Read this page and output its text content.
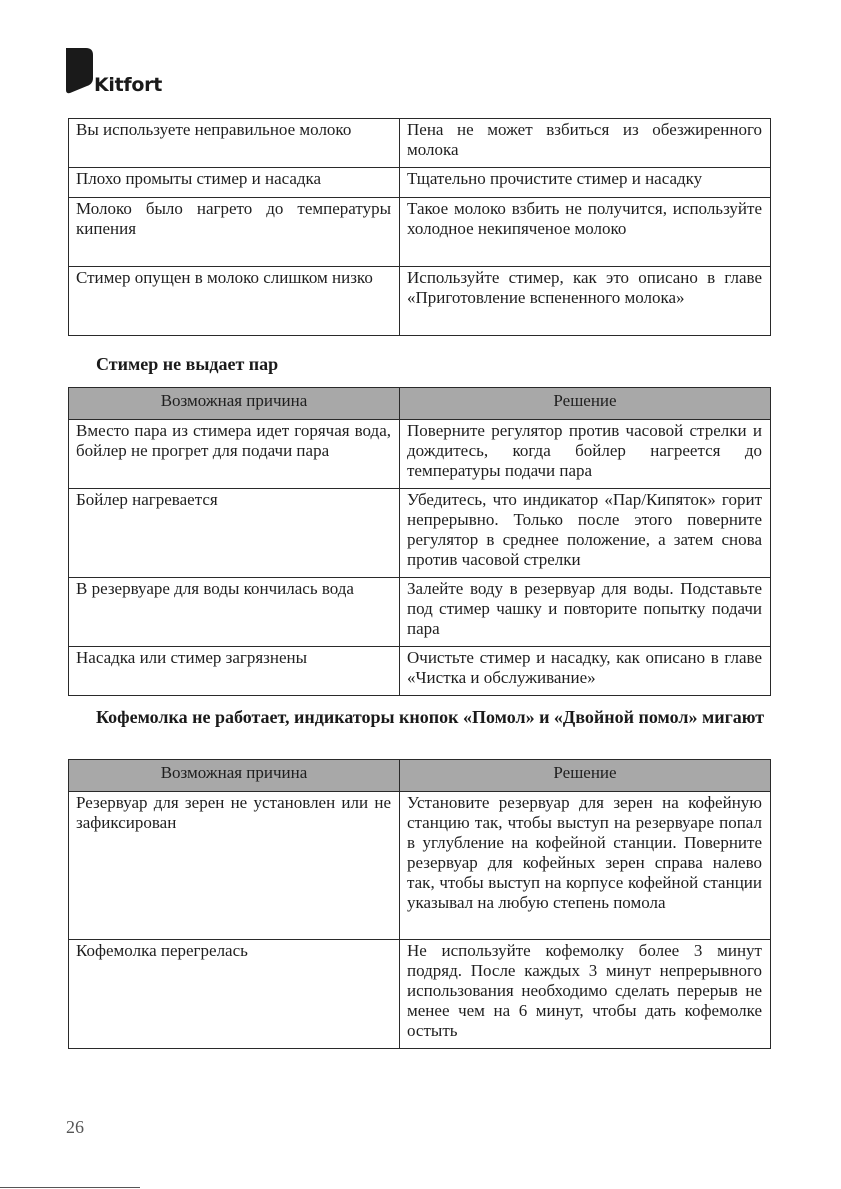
Kitfort
Вы используете неправильное молоко	Пена не может взбиться из обезжиренного молока
Плохо промыты стимер и насадка	Тщательно прочистите стимер и насадку
Молоко было нагрето до температуры кипения	Такое молоко взбить не получится, используйте холодное некипяченое молоко
Стимер опущен в молоко слишком низко	Используйте стимер, как это описано в главе «Приготовление вспененного молока»
Стимер не выдает пар
Возможная причина	Решение
Вместо пара из стимера идет горячая вода, бойлер не прогрет для подачи пара	Поверните регулятор против часовой стрелки и дождитесь, когда бойлер нагреется до температуры подачи пара
Бойлер нагревается	Убедитесь, что индикатор «Пар/Кипяток» горит непрерывно. Только после этого поверните регулятор в среднее положение, а затем снова против часовой стрелки
В резервуаре для воды кончилась вода	Залейте воду в резервуар для воды. Подставьте под стимер чашку и повторите попытку подачи пара
Насадка или стимер загрязнены	Очистьте стимер и насадку, как описано в главе «Чистка и обслуживание»
Кофемолка не работает, индикаторы кнопок «Помол» и «Двойной помол» мигают
Возможная причина	Решение
Резервуар для зерен не установлен или не зафиксирован	Установите резервуар для зерен на кофейную станцию так, чтобы выступ на резервуаре попал в углубление на кофейной станции. Поверните резервуар для кофейных зерен справа налево так, чтобы выступ на корпусе кофейной станции указывал на любую степень помола
Кофемолка перегрелась	Не используйте кофемолку более 3 минут подряд. После каждых 3 минут непрерывного использования необходимо сделать перерыв не менее чем на 6 минут, чтобы дать кофемолке остыть
26
